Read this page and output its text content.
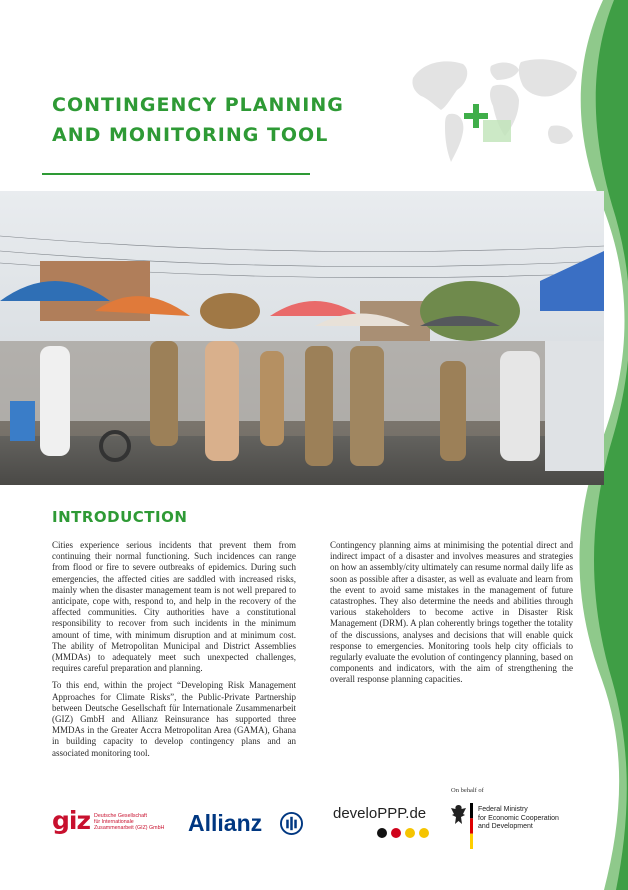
CONTINGENCY PLANNING AND MONITORING TOOL
INTRODUCTION

Cities experience serious incidents that prevent them from continuing their normal functioning. Such incidences can range from flood or fire to severe outbreaks of epidemics. During such emergencies, the affected cities are saddled with increased risks, mainly when the disaster management team is not well prepared to anticipate, cope with, respond to, and help in the recovery of the affected communities. City authorities have a constitutional responsibility to recover from such incidents in the minimum amount of time, with minimum disruption and at minimum cost. The ability of Metropolitan Municipal and District Assemblies (MMDAs) to adequately meet such unexpected challenges, requires careful preparation and planning.

To this end, within the project “Developing Risk Management Approaches for Climate Risks”, the Public-Private Partnership between Deutsche Gesellschaft für Internationale Zusammenarbeit (GIZ) GmbH and Allianz Reinsurance has supported three MMDAs in the Greater Accra Metropolitan Area (GAMA), Ghana in building capacity to develop contingency plans and an associated monitoring tool.

Contingency planning aims at minimising the potential direct and indirect impact of a disaster and involves measures and strategies on how an assembly/city ultimately can resume normal daily life as soon as possible after a disaster, as well as evaluate and learn from the event to avoid same mistakes in the management of future catastrophes. They also determine the needs and abilities through various stakeholders to become active in Disaster Risk Management (DRM). A plan coherently brings together the totality of the discussions, analyses and decisions that will enable quick response to emergencies. Monitoring tools help city officials to regularly evaluate the evolution of contingency planning, based on components and indicators, with the aim of strengthening the overall response planning capacities.

On behalf of
giz Deutsche Gesellschaft
für Internationale
Zusammenarbeit (GIZ) GmbH Allianz	develoPPP.de	Federal Ministry
for Economic Cooperation
and Development
